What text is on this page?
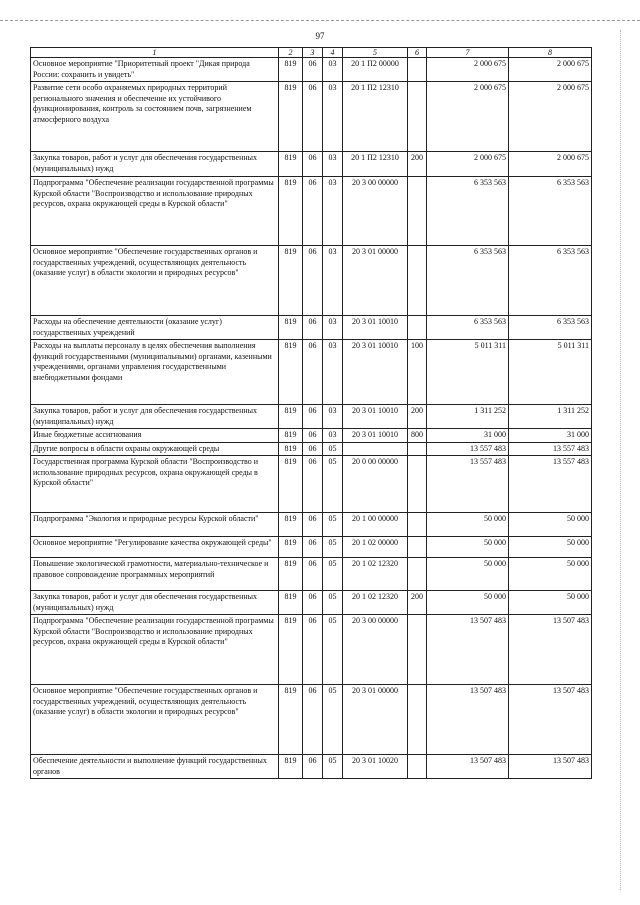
97
1	2	3	4	5	6	7	8
Основное мероприятие "Приоритетный проект "Дикая природа России: сохранить и увидеть"	819	06	03	20 1 П2 00000		2 000 675	2 000 675
Развитие сети особо охраняемых природных территорий регионального значения и обеспечение их устойчивого функционирования, контроль за состоянием почв, загрязнением атмосферного воздуха	819	06	03	20 1 П2 12310		2 000 675	2 000 675
Закупка товаров, работ и услуг для обеспечения государственных (муниципальных) нужд	819	06	03	20 1 П2 12310	200	2 000 675	2 000 675
Подпрограмма "Обеспечение реализации государственной программы Курской области "Воспроизводство и использование природных ресурсов, охрана окружающей среды в Курской области"	819	06	03	20 3 00 00000		6 353 563	6 353 563
Основное мероприятие "Обеспечение государственных органов и государственных учреждений, осуществляющих деятельность (оказание услуг) в области экологии и природных ресурсов"	819	06	03	20 3 01 00000		6 353 563	6 353 563
Расходы на обеспечение деятельности (оказание услуг) государственных учреждений	819	06	03	20 3 01 10010		6 353 563	6 353 563
Расходы на выплаты персоналу в целях обеспечения выполнения функций государственными (муниципальными) органами, казенными учреждениями, органами управления государственными внебюджетными фондами	819	06	03	20 3 01 10010	100	5 011 311	5 011 311
Закупка товаров, работ и услуг для обеспечения государственных (муниципальных) нужд	819	06	03	20 3 01 10010	200	1 311 252	1 311 252
Иные бюджетные ассигнования	819	06	03	20 3 01 10010	800	31 000	31 000
Другие вопросы в области охраны окружающей среды	819	06	05			13 557 483	13 557 483
Государственная программа Курской области "Воспроизводство и использование природных ресурсов, охрана окружающей среды в Курской области"	819	06	05	20 0 00 00000		13 557 483	13 557 483
Подпрограмма "Экология и природные ресурсы Курской области"	819	06	05	20 1 00 00000		50 000	50 000
Основное мероприятие "Регулирование качества окружающей среды"	819	06	05	20 1 02 00000		50 000	50 000
Повышение экологической грамотности, материально-техническое и правовое сопровождение программных мероприятий	819	06	05	20 1 02 12320		50 000	50 000
Закупка товаров, работ и услуг для обеспечения государственных (муниципальных) нужд	819	06	05	20 1 02 12320	200	50 000	50 000
Подпрограмма "Обеспечение реализации государственной программы Курской области "Воспроизводство и использование природных ресурсов, охрана окружающей среды в Курской области"	819	06	05	20 3 00 00000		13 507 483	13 507 483
Основное мероприятие "Обеспечение государственных органов и государственных учреждений, осуществляющих деятельность (оказание услуг) в области экологии и природных ресурсов"	819	06	05	20 3 01 00000		13 507 483	13 507 483
Обеспечение деятельности и выполнение функций государственных органов	819	06	05	20 3 01 10020		13 507 483	13 507 483
